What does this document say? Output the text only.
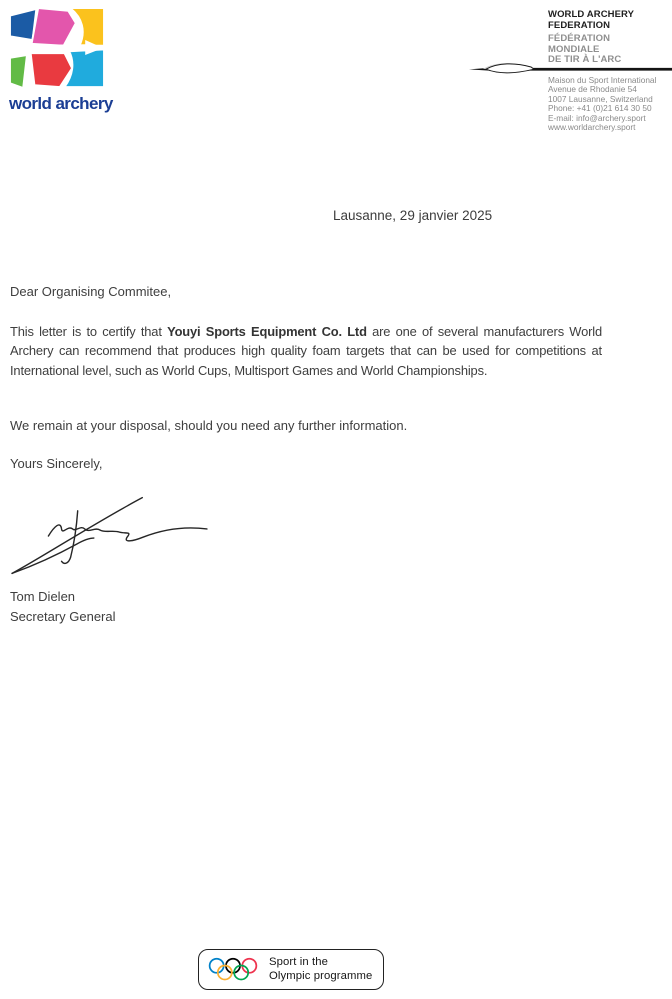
world archery
WORLD ARCHERY
FEDERATION
FÉDÉRATION
MONDIALE
DE TIR À L'ARC
Maison du Sport International
Avenue de Rhodanie 54
1007 Lausanne, Switzerland
Phone: +41 (0)21 614 30 50
E-mail: info@archery.sport
www.worldarchery.sport
Lausanne, 29 janvier 2025
Dear Organising Commitee,

This letter is to certify that Youyi Sports Equipment Co. Ltd are one of several manufacturers World Archery can recommend that produces high quality foam targets that can be used for competitions at International level, such as World Cups, Multisport Games and World Championships.

We remain at your disposal, should you need any further information.
Yours Sincerely,
Tom Dielen
Secretary General
Sport in the
Olympic programme
